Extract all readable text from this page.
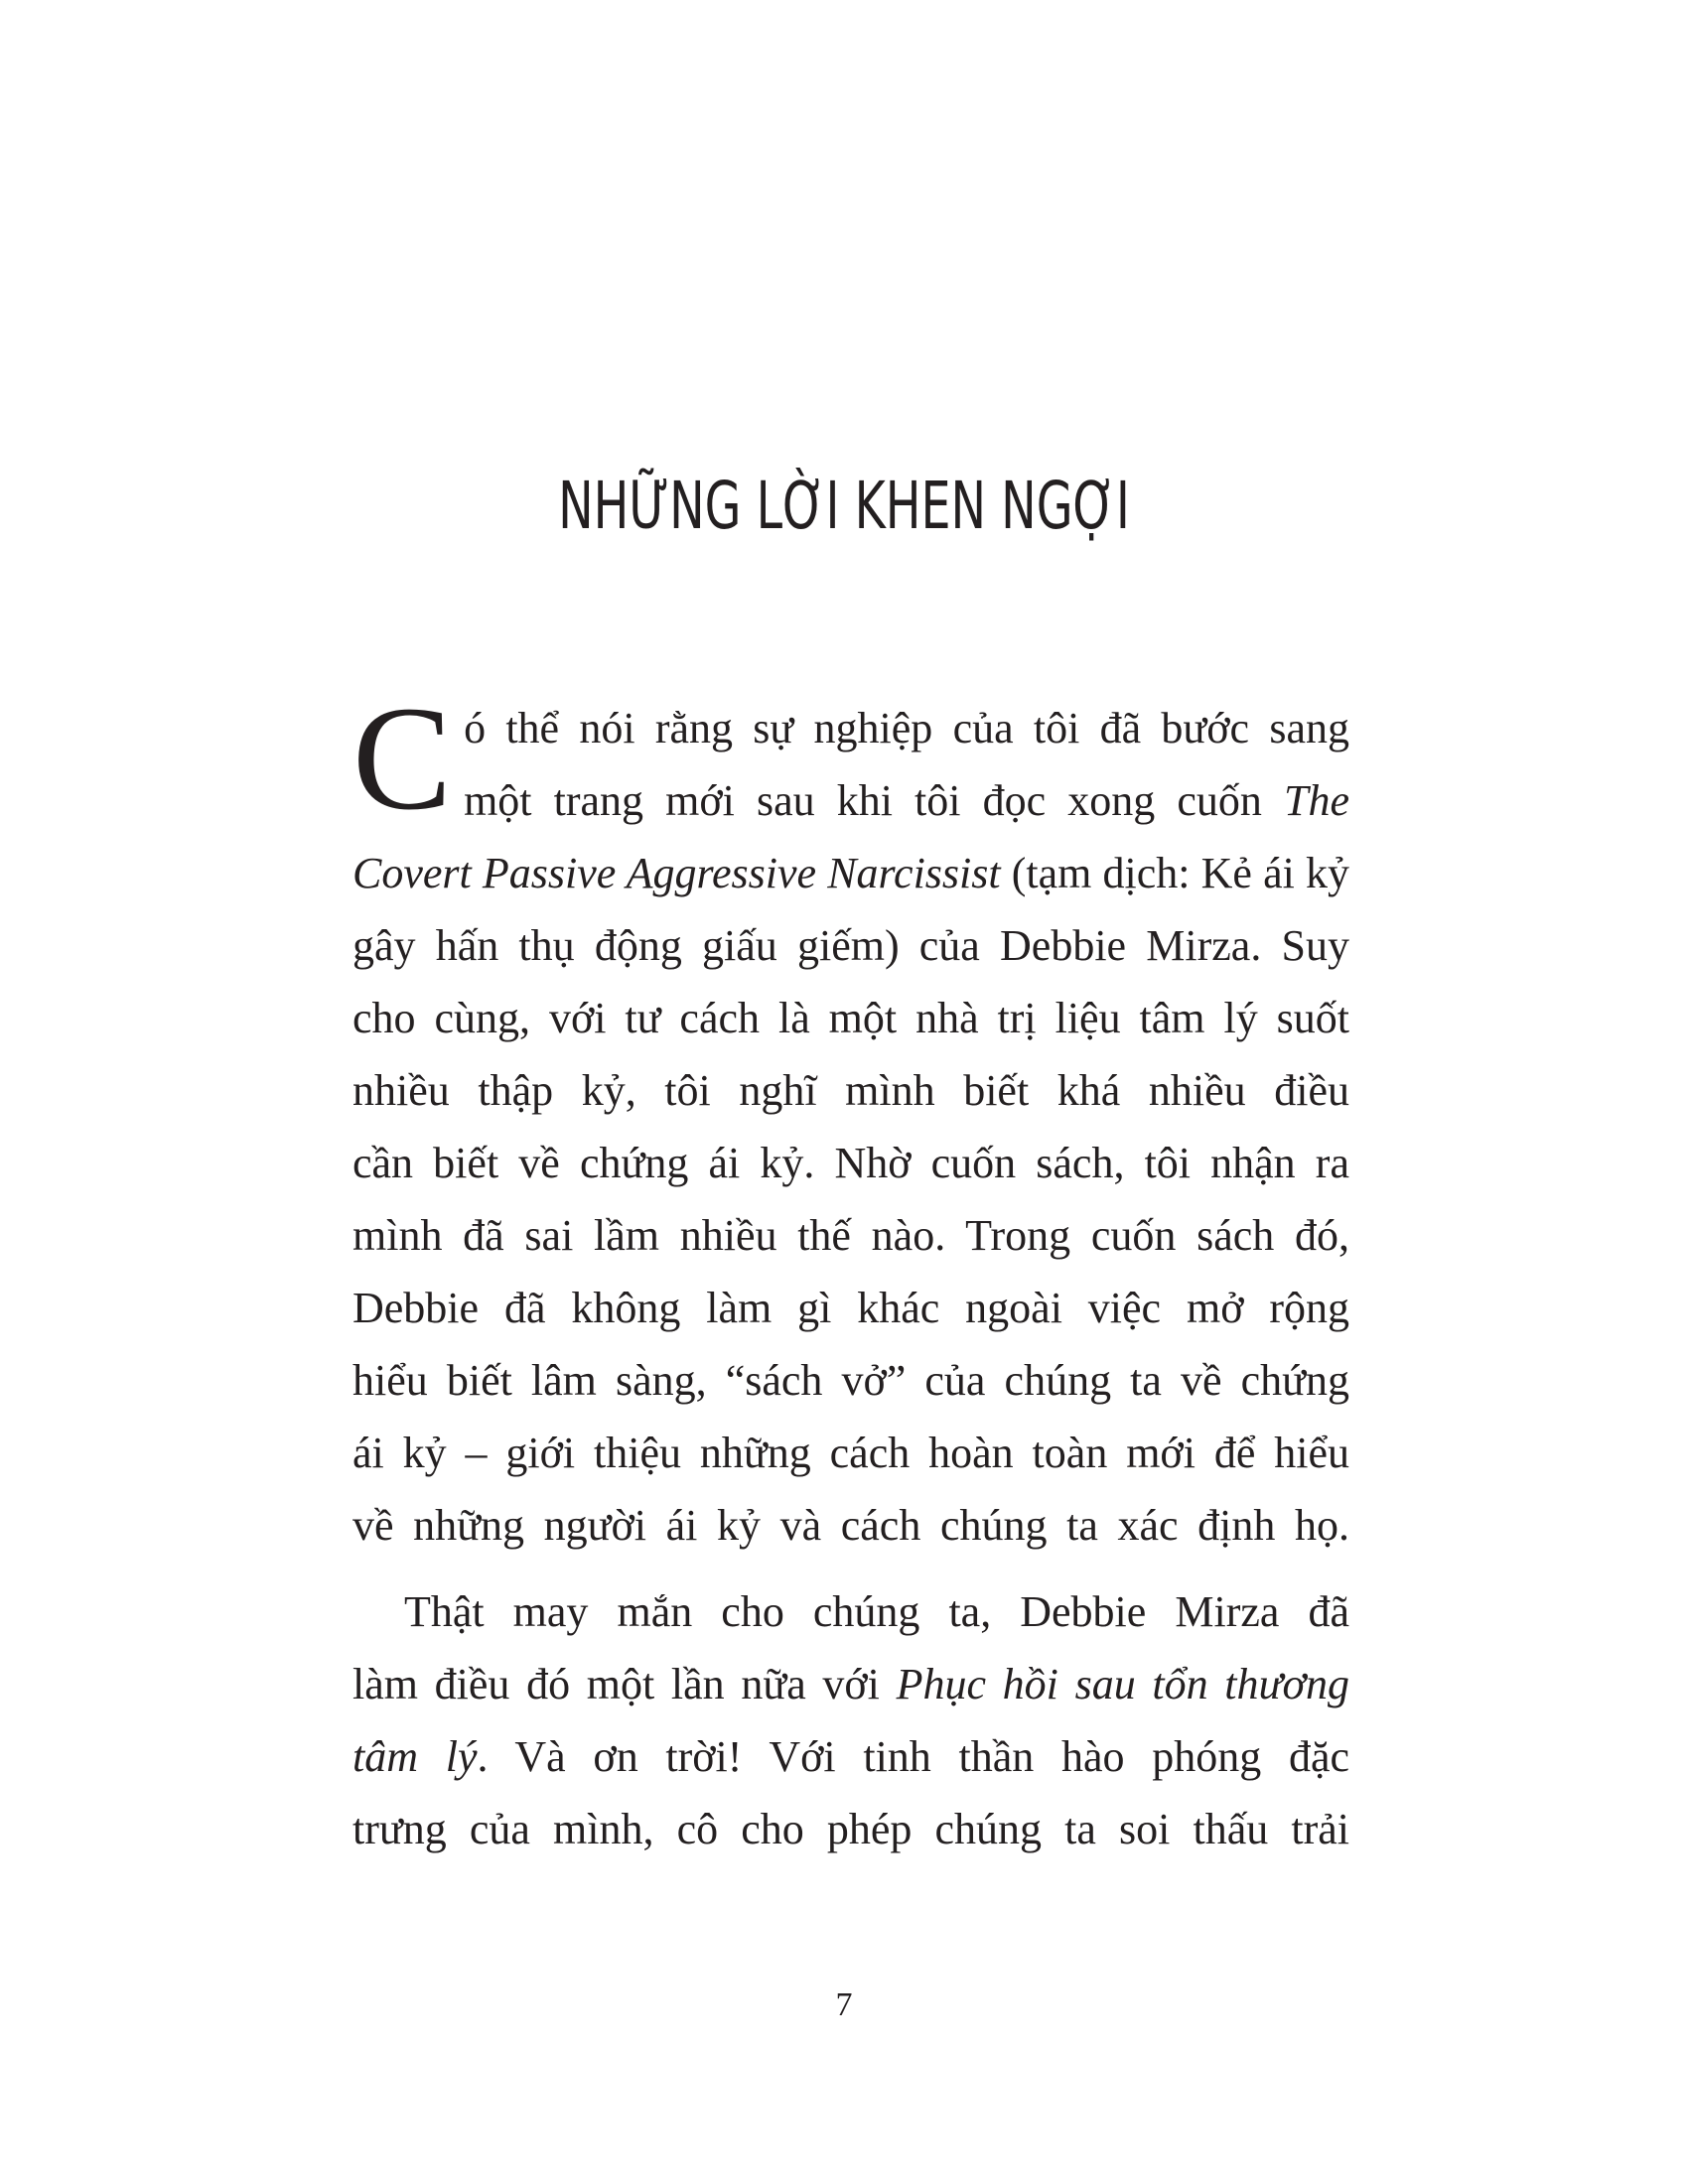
NHỮNG LỜI KHEN NGỢI
C ó thể nói rằng sự nghiệp của tôi đã bước sang
một trang mới sau khi tôi đọc xong cuốn The
Covert Passive Aggressive Narcissist (tạm dịch: Kẻ ái kỷ
gây hấn thụ động giấu giếm) của Debbie Mirza. Suy
cho cùng, với tư cách là một nhà trị liệu tâm lý suốt
nhiều thập kỷ, tôi nghĩ mình biết khá nhiều điều
cần biết về chứng ái kỷ. Nhờ cuốn sách, tôi nhận ra
mình đã sai lầm nhiều thế nào. Trong cuốn sách đó,
Debbie đã không làm gì khác ngoài việc mở rộng
hiểu biết lâm sàng, “sách vở” của chúng ta về chứng
ái kỷ – giới thiệu những cách hoàn toàn mới để hiểu
về những người ái kỷ và cách chúng ta xác định họ.
Thật may mắn cho chúng ta, Debbie Mirza đã
làm điều đó một lần nữa với Phục hồi sau tổn thương
tâm lý. Và ơn trời! Với tinh thần hào phóng đặc
trưng của mình, cô cho phép chúng ta soi thấu trải
7
